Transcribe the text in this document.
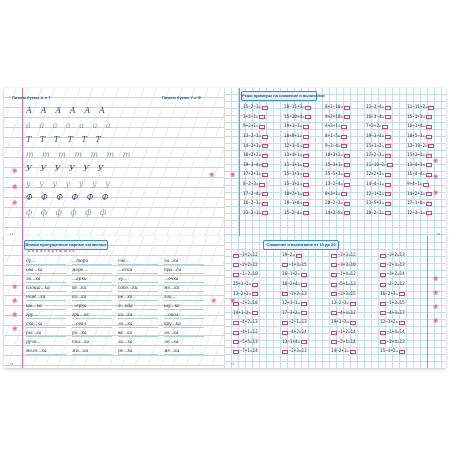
Пишем буквы А и Т	Пишем буквы У и Ф
А А А А А А
а а а а а а а
Т Т Т Т Т Т
т т т т т т т
У У У У У У
у у у у у у у
Ф Ф Ф Ф Ф Ф
ф ф ф ф ф ф
❀
❀
❀
❀
14
Реши примеры на сложение и вычитание
15−2−1=
3+3−1=
9+2+1=
13−2−3=
14−2+1=
10+2+2=
19−3−4=
17+2+1=
8−2−3=
17−2−4=
16−2−1=
13−2−1=
20−11+3=
15−10+4=
19+1−3=
10+8+1=
12+3−5=
13+4+1=
11−1+1=
15−1+3=
15−1+2=
18+2+1=
19−1+0=
15−2−4=
8+3−10=
9+2+10=
4+3+1=
8+1−5=
9−3−4=
10+3+2=
15−3+1=
15−5+3=
13−2−4=
8+3+1=
20−2−3=
14+2−5=
13−3−4=
16−3−4=
7+2+2=
19−3−4=
15+1−2=
17+2−3=
11−10−1=
12+2+3=
14−4−1=
12−1+2=
13−5+3=
10−2−1=
11−11+2=
15−1+3=
16−1+4=
10+5−3=
13−10−2=
15+3+1=
13−4+3=
15−4−4=
9+4−1=
14+2+1=
17−1+0=
12−3−1=
❀
❀
❀
❀
15
Впиши пропущенные парные согласные
Б П В Ф Г К Д Т Ж Ш З С
ду…
сва…ка
ло…ка
площа…ка
нож…ка
ша…ка
гру…
ска…ка
ры…ка
руча…
моло…ка
…тори
моро…
…арки
ке…ка
ка…ка
…ерка
гри…ок
…огал
ро…ка
кни…ка
мы…ка
сне…
…ески
лу…
сапо…ки
не…ка
я…ода
ко…ка
ло…ка
ве…ка
ла…ка
ре…ка
ча…ка
пра…да
…очка
мо…ка
гла…
шу…ка
…окол
кру…ка
ло…ка
ле…ка
ме…ка
❀
❀
❀
❀
❀
16
Сложение и вычитание от 10 до 20
−3+2=12
−2+2=12
−1−2=10
15+1−2=
13−2+1=
−2+2=18
14+1−2=
−4+2=13
−4+1=12
−5+5=13
−7+1=14
19−2=
−1+3=15
16−1+2=
16−2+4=
−2+2=13
12+3−1=
17−3+2=
−2−1=13
−4+2=14
13−1+4=
−2+3=13
−2+3=12
−3+3=10
−1+4=12
−5+1=13
−2+3=15
13−2−3=
−4+3=12
19+1−3=
−1+2=14
−2+1=14
14−2+1=
−3+2=13
−2+3=13
−3+2=14
−2−2=12
16−2+3=
−1+3=15
−4+3=17
12−3+2=
−1+4=14
−2+4=13
15−4+2=
❀
❀
❀
❀
❀
17
